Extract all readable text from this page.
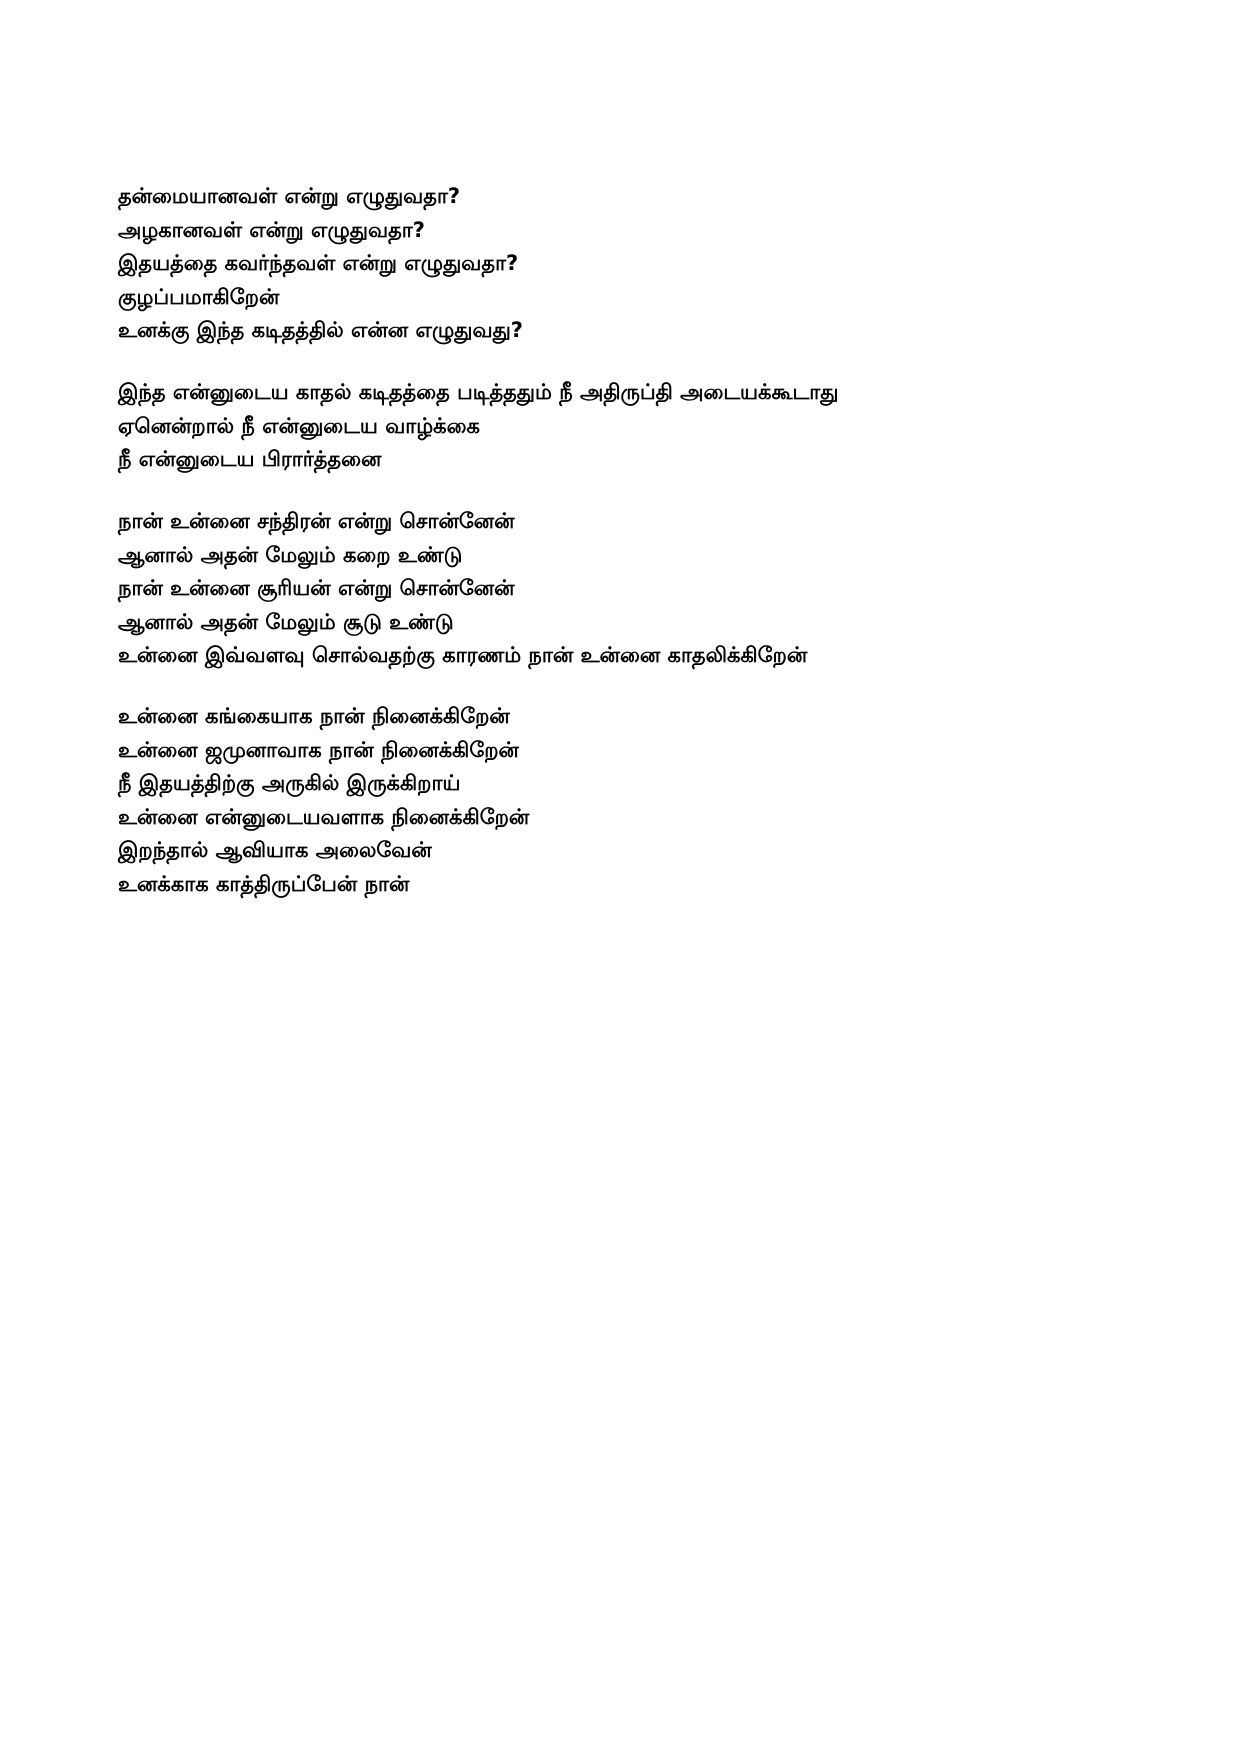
தன்மையானவள் என்று எழுதுவதா?
அழகானவள் என்று எழுதுவதா?
இதயத்தை கவர்ந்தவள் என்று எழுதுவதா?
குழப்பமாகிறேன்
உனக்கு இந்த கடிதத்தில் என்ன எழுதுவது?
இந்த என்னுடைய காதல் கடிதத்தை படித்ததும் நீ அதிருப்தி அடையக்கூடாது
ஏனென்றால் நீ என்னுடைய வாழ்க்கை
நீ என்னுடைய பிரார்த்தனை
நான் உன்னை சந்திரன் என்று சொன்னேன்
ஆனால் அதன் மேலும் கறை உண்டு
நான் உன்னை சூரியன் என்று சொன்னேன்
ஆனால் அதன் மேலும் சூடு உண்டு
உன்னை இவ்வளவு சொல்வதற்கு காரணம் நான் உன்னை காதலிக்கிறேன்
உன்னை கங்கையாக நான் நினைக்கிறேன்
உன்னை ஜமுனாவாக நான் நினைக்கிறேன்
நீ இதயத்திற்கு அருகில் இருக்கிறாய்
உன்னை என்னுடையவளாக நினைக்கிறேன்
இறந்தால் ஆவியாக அலைவேன்
உனக்காக காத்திருப்பேன் நான்
